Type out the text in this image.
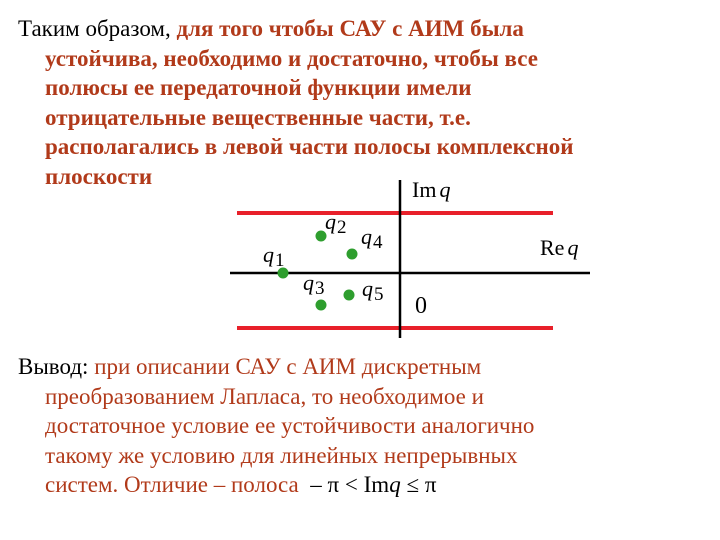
Таким образом, для того чтобы САУ с АИМ была
устойчива, необходимо и достаточно, чтобы все
полюсы ее передаточной функции имели
отрицательные вещественные части, т.е.
располагались в левой части полосы комплексной
плоскости
Im q
Re q
0
q1
q2
q3
q4
q5
Вывод: при описании САУ с АИМ дискретным
преобразованием Лапласа, то необходимое и
достаточное условие ее устойчивости аналогично
такому же условию для линейных непрерывных
систем. Отличие – полоса – π < Imq ≤ π
